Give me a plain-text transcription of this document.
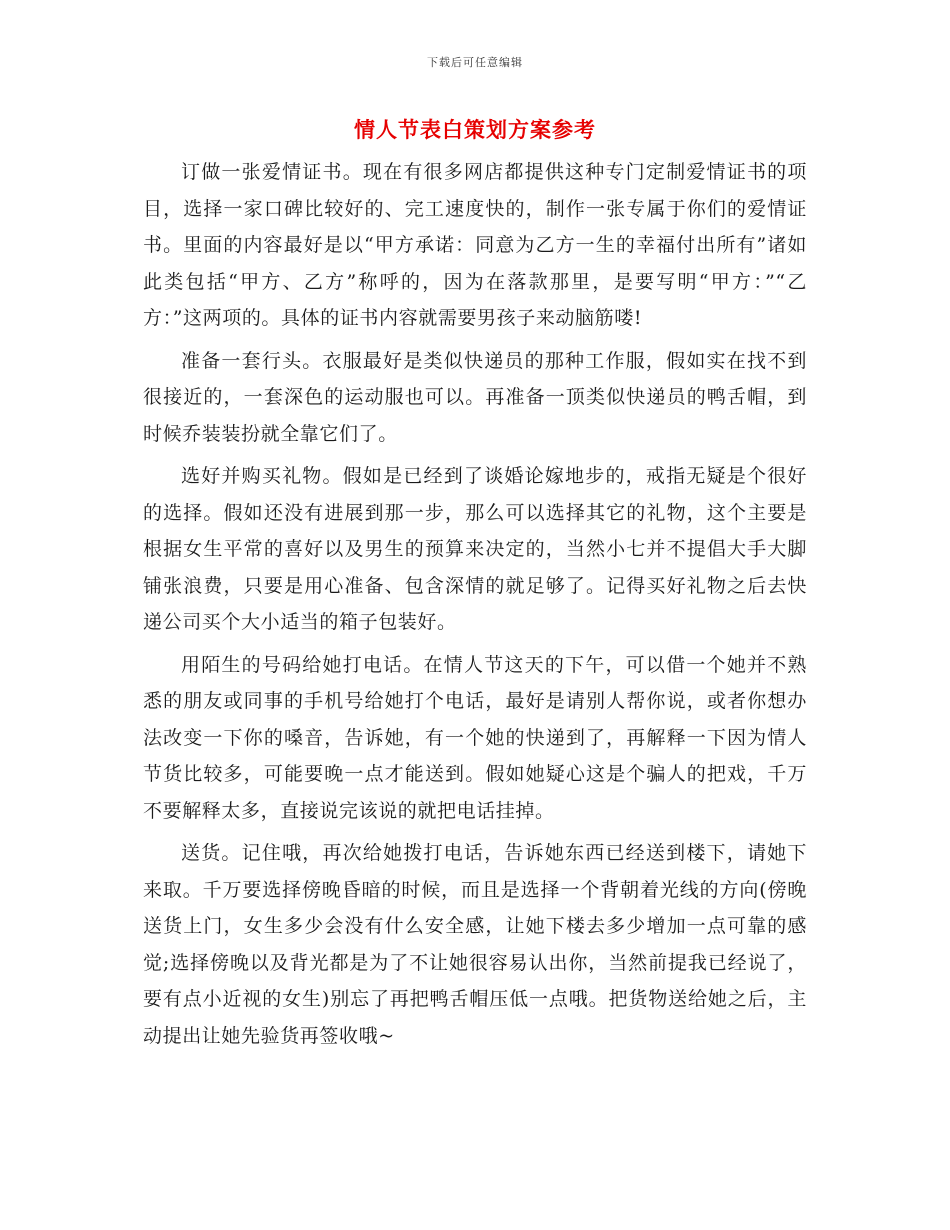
下载后可任意编辑
情人节表白策划方案参考

订做一张爱情证书。现在有很多网店都提供这种专门定制爱情证书的项目，选择一家口碑比较好的、完工速度快的，制作一张专属于你们的爱情证书。里面的内容最好是以“甲方承诺：同意为乙方一生的幸福付出所有”诸如此类包括“甲方、乙方”称呼的，因为在落款那里，是要写明“甲方：”“乙方：”这两项的。具体的证书内容就需要男孩子来动脑筋喽!

准备一套行头。衣服最好是类似快递员的那种工作服，假如实在找不到很接近的，一套深色的运动服也可以。再准备一顶类似快递员的鸭舌帽，到时候乔装装扮就全靠它们了。

选好并购买礼物。假如是已经到了谈婚论嫁地步的，戒指无疑是个很好的选择。假如还没有进展到那一步，那么可以选择其它的礼物，这个主要是根据女生平常的喜好以及男生的预算来决定的，当然小七并不提倡大手大脚铺张浪费，只要是用心准备、包含深情的就足够了。记得买好礼物之后去快递公司买个大小适当的箱子包装好。

用陌生的号码给她打电话。在情人节这天的下午，可以借一个她并不熟悉的朋友或同事的手机号给她打个电话，最好是请别人帮你说，或者你想办法改变一下你的嗓音，告诉她，有一个她的快递到了，再解释一下因为情人节货比较多，可能要晚一点才能送到。假如她疑心这是个骗人的把戏，千万不要解释太多，直接说完该说的就把电话挂掉。

送货。记住哦，再次给她拨打电话，告诉她东西已经送到楼下，请她下来取。千万要选择傍晚昏暗的时候，而且是选择一个背朝着光线的方向(傍晚送货上门，女生多少会没有什么安全感，让她下楼去多少增加一点可靠的感觉;选择傍晚以及背光都是为了不让她很容易认出你，当然前提我已经说了，要有点小近视的女生)别忘了再把鸭舌帽压低一点哦。把货物送给她之后，主动提出让她先验货再签收哦~
